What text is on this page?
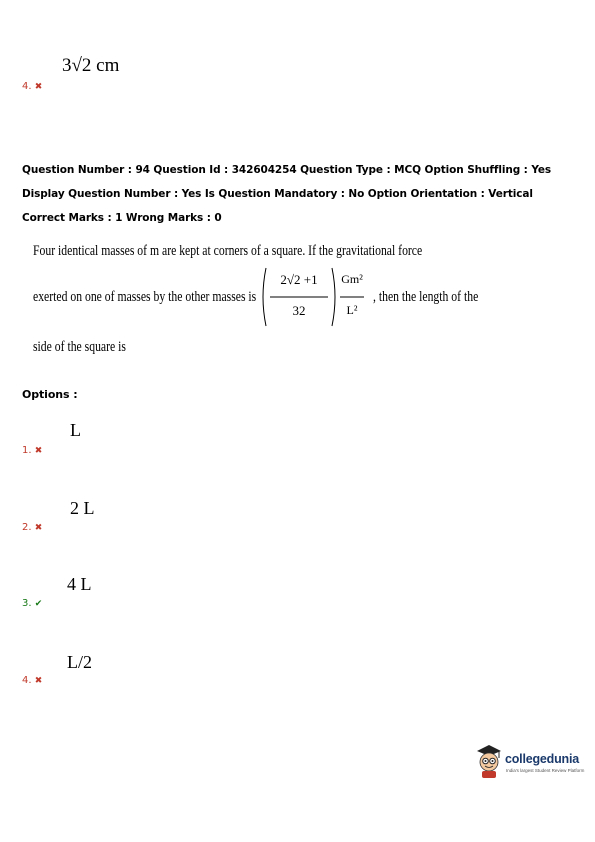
3√2 cm
4. ✖
Question Number : 94 Question Id : 342604254 Question Type : MCQ Option Shuffling : Yes
Display Question Number : Yes Is Question Mandatory : No Option Orientation : Vertical
Correct Marks : 1 Wrong Marks : 0
Four identical masses of m are kept at corners of a square. If the gravitational force
exerted on one of masses by the other masses is
2√2 +1
32
Gm²
L²
, then the length of the
side of the square is
Options :
L
1. ✖
2 L
2. ✖
4 L
3. ✔
L/2
4. ✖
collegedunia
India's largest Student Review Platform
